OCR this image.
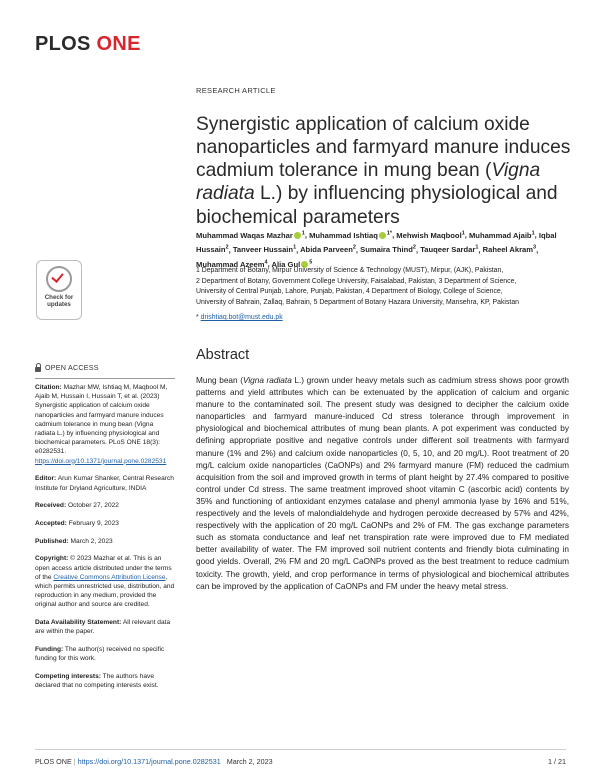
PLOS ONE
RESEARCH ARTICLE
Synergistic application of calcium oxide nanoparticles and farmyard manure induces cadmium tolerance in mung bean (Vigna radiata L.) by influencing physiological and biochemical parameters
Muhammad Waqas Mazhar $^1$, Muhammad Ishtiaq $^{1*}$, Mehwish Maqbool$^1$, Muhammad Ajaib$^1$, Iqbal Hussain$^2$, Tanveer Hussain$^1$, Abida Parveen$^2$, Sumaira Thind$^2$, Tauqeer Sardar$^1$, Raheel Akram$^3$, Muhammad Azeem$^4$, Alia Gul $^5$
1 Department of Botany, Mirpur University of Science & Technology (MUST), Mirpur, (AJK), Pakistan,
2 Department of Botany, Government College University, Faisalabad, Pakistan, 3 Department of Science,
University of Central Punjab, Lahore, Punjab, Pakistan, 4 Department of Biology, College of Science,
University of Bahrain, Zallaq, Bahrain, 5 Department of Botany Hazara University, Mansehra, KP, Pakistan
* drishtiaq.bot@must.edu.pk
Check for
updates
OPEN ACCESS

Citation: Mazhar MW, Ishtiaq M, Maqbool M, Ajaib M, Hussain I, Hussain T, et al. (2023) Synergistic application of calcium oxide nanoparticles and farmyard manure induces cadmium tolerance in mung bean (Vigna radiata L.) by influencing physiological and biochemical parameters. PLoS ONE 18(3): e0282531. https://doi.org/10.1371/journal.pone.0282531

Editor: Arun Kumar Shanker, Central Research Institute for Dryland Agriculture, INDIA

Received: October 27, 2022

Accepted: February 9, 2023

Published: March 2, 2023

Copyright: © 2023 Mazhar et al. This is an open access article distributed under the terms of the Creative Commons Attribution License, which permits unrestricted use, distribution, and reproduction in any medium, provided the original author and source are credited.

Data Availability Statement: All relevant data are within the paper.

Funding: The author(s) received no specific funding for this work.

Competing interests: The authors have declared that no competing interests exist.

Abstract
Mung bean (Vigna radiata L.) grown under heavy metals such as cadmium stress shows poor growth patterns and yield attributes which can be extenuated by the application of calcium and organic manure to the contaminated soil. The present study was designed to decipher the calcium oxide nanoparticles and farmyard manure-induced Cd stress tolerance through improvement in physiological and biochemical attributes of mung bean plants. A pot experiment was conducted by defining appropriate positive and negative controls under different soil treatments with farmyard manure (1% and 2%) and calcium oxide nanoparticles (0, 5, 10, and 20 mg/L). Root treatment of 20 mg/L calcium oxide nanoparticles (CaONPs) and 2% farmyard manure (FM) reduced the cadmium acquisition from the soil and improved growth in terms of plant height by 27.4% compared to positive control under Cd stress. The same treatment improved shoot vitamin C (ascorbic acid) contents by 35% and functioning of antioxidant enzymes catalase and phenyl ammonia lyase by 16% and 51%, respectively and the levels of malondialdehyde and hydrogen peroxide decreased by 57% and 42%, respectively with the application of 20 mg/L CaONPs and 2% of FM. The gas exchange parameters such as stomata conductance and leaf net transpiration rate were improved due to FM mediated better availability of water. The FM improved soil nutrient contents and friendly biota culminating in good yields. Overall, 2% FM and 20 mg/L CaONPs proved as the best treatment to reduce cadmium toxicity. The growth, yield, and crop performance in terms of physiological and biochemical attributes can be improved by the application of CaONPs and FM under the heavy metal stress.
PLOS ONE | https://doi.org/10.1371/journal.pone.0282531 March 2, 2023	1 / 21
